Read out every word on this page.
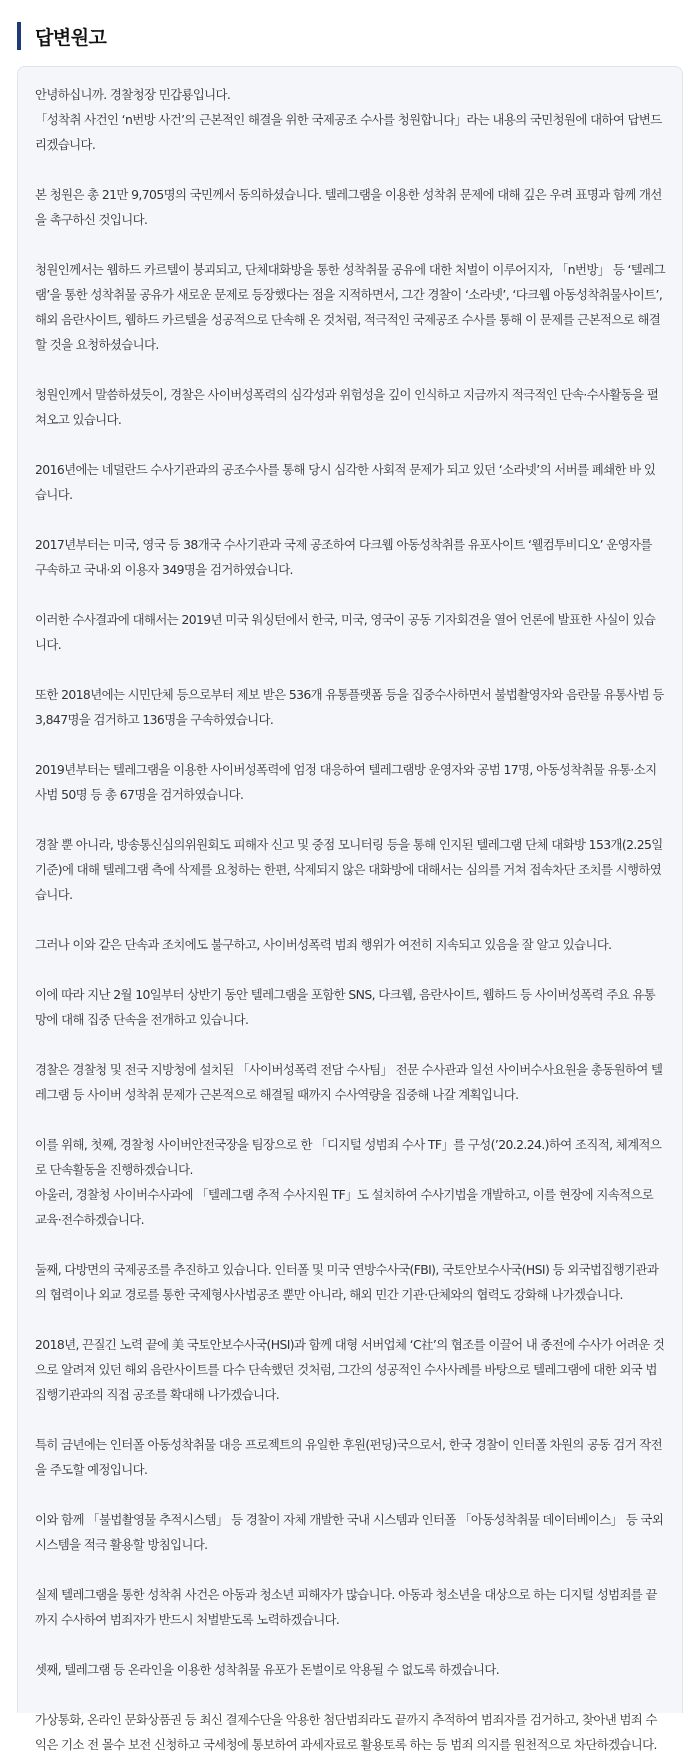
답변원고

안녕하십니까. 경찰청장 민갑룡입니다.
「성착취 사건인 ‘n번방 사건’의 근본적인 해결을 위한 국제공조 수사를 청원합니다」라는 내용의 국민청원에 대하여 답변드리겠습니다.

본 청원은 총 21만 9,705명의 국민께서 동의하셨습니다. 텔레그램을 이용한 성착취 문제에 대해 깊은 우려 표명과 함께 개선을 촉구하신 것입니다.

청원인께서는 웹하드 카르텔이 붕괴되고, 단체대화방을 통한 성착취물 공유에 대한 처벌이 이루어지자, 「n번방」 등 ‘텔레그램’을 통한 성착취물 공유가 새로운 문제로 등장했다는 점을 지적하면서, 그간 경찰이 ‘소라넷’, ‘다크웹 아동성착취물사이트’, 해외 음란사이트, 웹하드 카르텔을 성공적으로 단속해 온 것처럼, 적극적인 국제공조 수사를 통해 이 문제를 근본적으로 해결할 것을 요청하셨습니다.

청원인께서 말씀하셨듯이, 경찰은 사이버성폭력의 심각성과 위험성을 깊이 인식하고 지금까지 적극적인 단속·수사활동을 펼쳐오고 있습니다.

2016년에는 네덜란드 수사기관과의 공조수사를 통해 당시 심각한 사회적 문제가 되고 있던 ‘소라넷’의 서버를 폐쇄한 바 있습니다.

2017년부터는 미국, 영국 등 38개국 수사기관과 국제 공조하여 다크웹 아동성착취를 유포사이트 ‘웰컴투비디오’ 운영자를 구속하고 국내·외 이용자 349명을 검거하였습니다.

이러한 수사결과에 대해서는 2019년 미국 워싱턴에서 한국, 미국, 영국이 공동 기자회견을 열어 언론에 발표한 사실이 있습니다.

또한 2018년에는 시민단체 등으로부터 제보 받은 536개 유통플랫폼 등을 집중수사하면서 불법촬영자와 음란물 유통사범 등 3,847명을 검거하고 136명을 구속하였습니다.

2019년부터는 텔레그램을 이용한 사이버성폭력에 엄정 대응하여 텔레그램방 운영자와 공범 17명, 아동성착취물 유통·소지사범 50명 등 총 67명을 검거하였습니다.

경찰 뿐 아니라, 방송통신심의위원회도 피해자 신고 및 중점 모니터링 등을 통해 인지된 텔레그램 단체 대화방 153개(2.25일 기준)에 대해 텔레그램 측에 삭제를 요청하는 한편, 삭제되지 않은 대화방에 대해서는 심의를 거쳐 접속차단 조치를 시행하였습니다.

그러나 이와 같은 단속과 조치에도 불구하고, 사이버성폭력 범죄 행위가 여전히 지속되고 있음을 잘 알고 있습니다.

이에 따라 지난 2월 10일부터 상반기 동안 텔레그램을 포함한 SNS, 다크웹, 음란사이트, 웹하드 등 사이버성폭력 주요 유통망에 대해 집중 단속을 전개하고 있습니다.

경찰은 경찰청 및 전국 지방청에 설치된 「사이버성폭력 전담 수사팀」 전문 수사관과 일선 사이버수사요원을 총동원하여 텔레그램 등 사이버 성착취 문제가 근본적으로 해결될 때까지 수사역량을 집중해 나갈 계획입니다.

이를 위해, 첫째, 경찰청 사이버안전국장을 팀장으로 한 「디지털 성범죄 수사 TF」를 구성(’20.2.24.)하여 조직적, 체계적으로 단속활동을 진행하겠습니다.
아울러, 경찰청 사이버수사과에 「텔레그램 추적 수사지원 TF」도 설치하여 수사기법을 개발하고, 이를 현장에 지속적으로 교육·전수하겠습니다.

둘째, 다방면의 국제공조를 추진하고 있습니다. 인터폴 및 미국 연방수사국(FBI), 국토안보수사국(HSI) 등 외국법집행기관과의 협력이나 외교 경로를 통한 국제형사사법공조 뿐만 아니라, 해외 민간 기관·단체와의 협력도 강화해 나가겠습니다.

2018년, 끈질긴 노력 끝에 美 국토안보수사국(HSI)과 함께 대형 서버업체 ‘C社’의 협조를 이끌어 내 종전에 수사가 어려운 것으로 알려져 있던 해외 음란사이트를 다수 단속했던 것처럼, 그간의 성공적인 수사사례를 바탕으로 텔레그램에 대한 외국 법집행기관과의 직접 공조를 확대해 나가겠습니다.

특히 금년에는 인터폴 아동성착취물 대응 프로젝트의 유일한 후원(펀딩)국으로서, 한국 경찰이 인터폴 차원의 공동 검거 작전을 주도할 예정입니다.

이와 함께 「불법촬영물 추적시스템」 등 경찰이 자체 개발한 국내 시스템과 인터폴 「아동성착취물 데이터베이스」 등 국외 시스템을 적극 활용할 방침입니다.

실제 텔레그램을 통한 성착취 사건은 아동과 청소년 피해자가 많습니다. 아동과 청소년을 대상으로 하는 디지털 성범죄를 끝까지 수사하여 범죄자가 반드시 처벌받도록 노력하겠습니다.

셋째, 텔레그램 등 온라인을 이용한 성착취물 유포가 돈벌이로 악용될 수 없도록 하겠습니다.

가상통화, 온라인 문화상품권 등 최신 결제수단을 악용한 첨단범죄라도 끝까지 추적하여 범죄자를 검거하고, 찾아낸 범죄 수익은 기소 전 몰수 보전 신청하고 국세청에 통보하여 과세자료로 활용토록 하는 등 범죄 의지를 원천적으로 차단하겠습니다.
